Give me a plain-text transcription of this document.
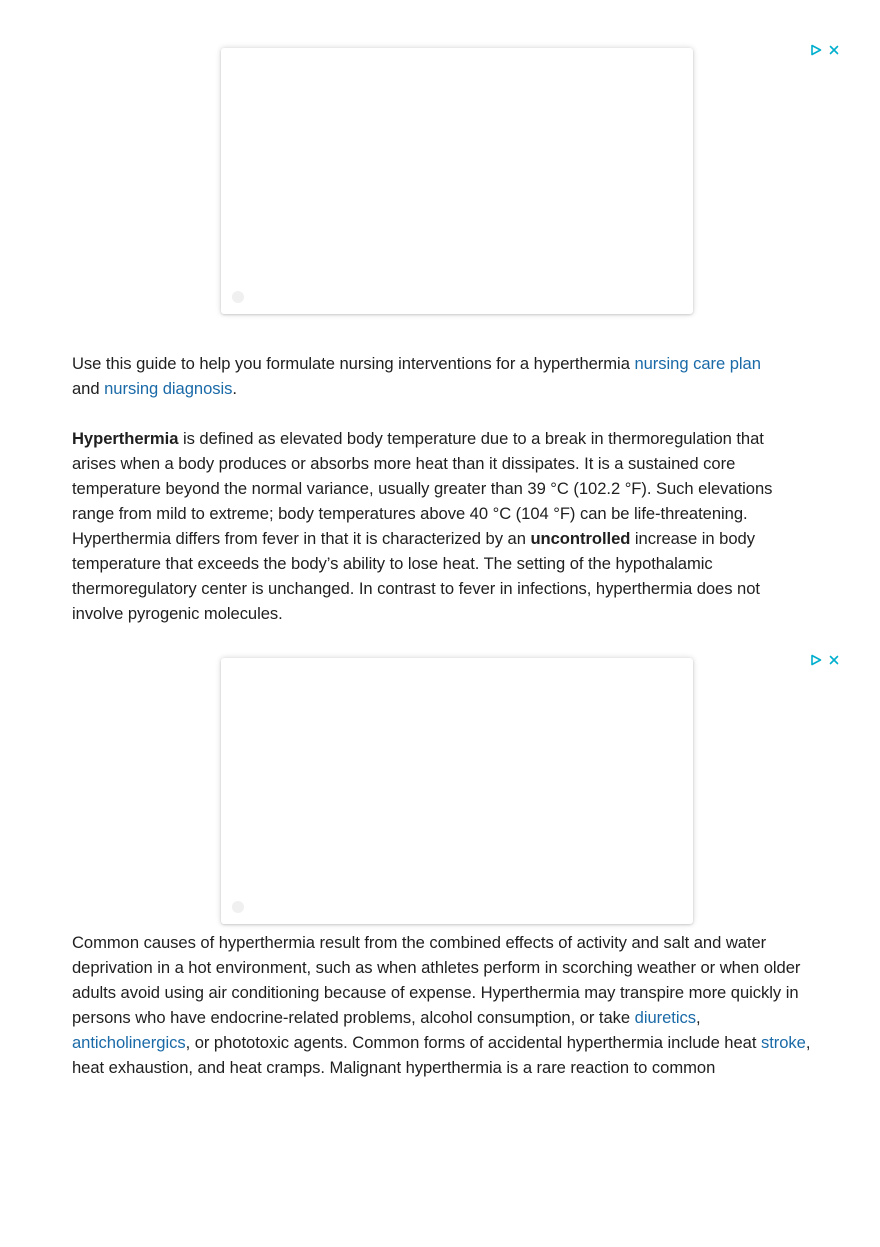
Use this guide to help you formulate nursing interventions for a hyperthermia nursing care plan
and nursing diagnosis.

Hyperthermia is defined as elevated body temperature due to a break in thermoregulation that arises when a body produces or absorbs more heat than it dissipates. It is a sustained core temperature beyond the normal variance, usually greater than 39 °C (102.2 °F). Such elevations range from mild to extreme; body temperatures above 40 °C (104 °F) can be life-threatening. Hyperthermia differs from fever in that it is characterized by an uncontrolled increase in body temperature that exceeds the body’s ability to lose heat. The setting of the hypothalamic thermoregulatory center is unchanged. In contrast to fever in infections, hyperthermia does not involve pyrogenic molecules.

Common causes of hyperthermia result from the combined effects of activity and salt and water deprivation in a hot environment, such as when athletes perform in scorching weather or when older adults avoid using air conditioning because of expense. Hyperthermia may transpire more quickly in persons who have endocrine-related problems, alcohol consumption, or take diuretics, anticholinergics, or phototoxic agents. Common forms of accidental hyperthermia include heat stroke, heat exhaustion, and heat cramps. Malignant hyperthermia is a rare reaction to common
